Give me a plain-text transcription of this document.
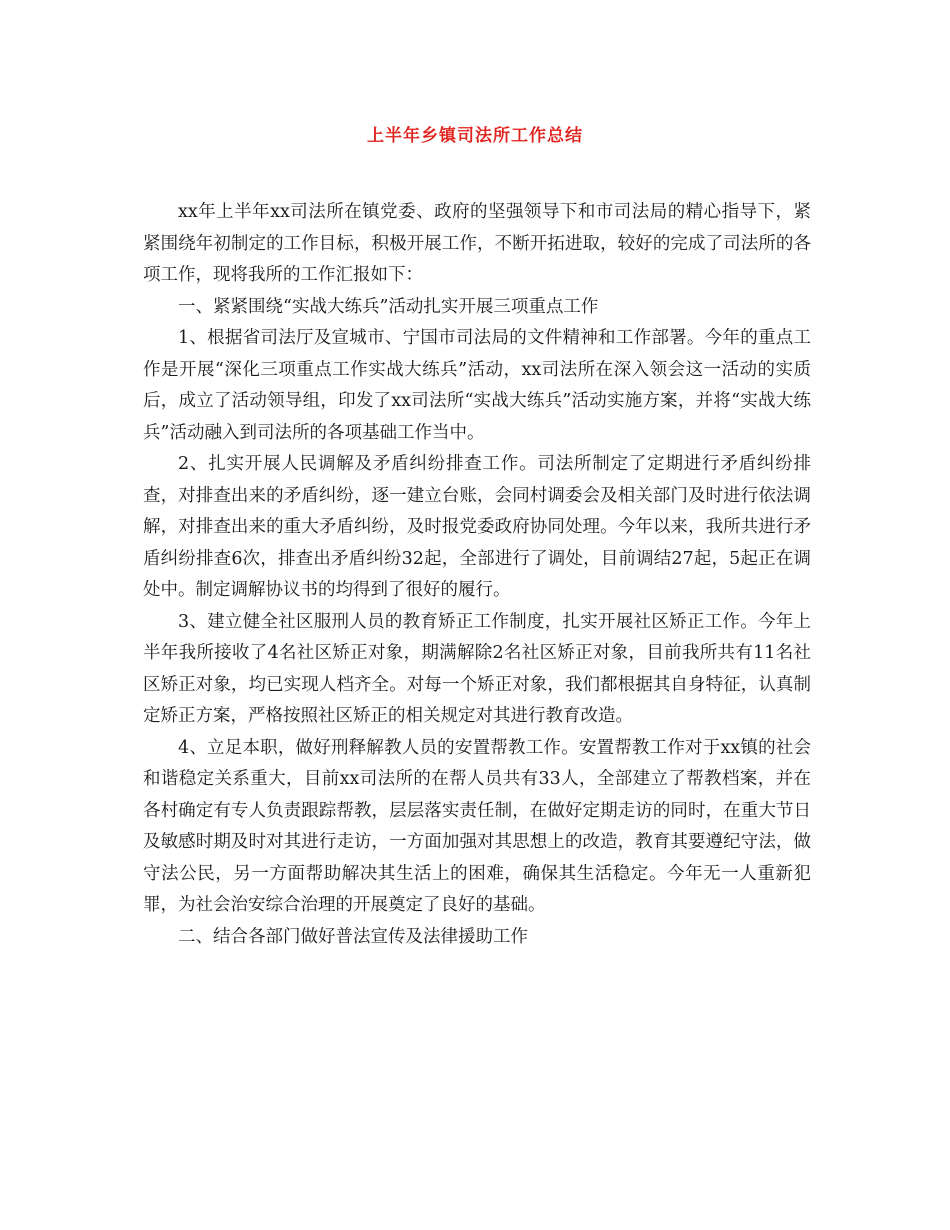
上半年乡镇司法所工作总结

xx年上半年xx司法所在镇党委、政府的坚强领导下和市司法局的精心指导下，紧紧围绕年初制定的工作目标，积极开展工作，不断开拓进取，较好的完成了司法所的各项工作，现将我所的工作汇报如下：

一、紧紧围绕“实战大练兵”活动扎实开展三项重点工作

1、根据省司法厅及宣城市、宁国市司法局的文件精神和工作部署。今年的重点工作是开展“深化三项重点工作实战大练兵”活动，xx司法所在深入领会这一活动的实质后，成立了活动领导组，印发了xx司法所“实战大练兵”活动实施方案，并将“实战大练兵”活动融入到司法所的各项基础工作当中。

2、扎实开展人民调解及矛盾纠纷排查工作。司法所制定了定期进行矛盾纠纷排查，对排查出来的矛盾纠纷，逐一建立台账，会同村调委会及相关部门及时进行依法调解，对排查出来的重大矛盾纠纷，及时报党委政府协同处理。今年以来，我所共进行矛盾纠纷排查6次，排查出矛盾纠纷32起，全部进行了调处，目前调结27起，5起正在调处中。制定调解协议书的均得到了很好的履行。

3、建立健全社区服刑人员的教育矫正工作制度，扎实开展社区矫正工作。今年上半年我所接收了4名社区矫正对象，期满解除2名社区矫正对象，目前我所共有11名社区矫正对象，均已实现人档齐全。对每一个矫正对象，我们都根据其自身特征，认真制定矫正方案，严格按照社区矫正的相关规定对其进行教育改造。

4、立足本职，做好刑释解教人员的安置帮教工作。安置帮教工作对于xx镇的社会和谐稳定关系重大，目前xx司法所的在帮人员共有33人，全部建立了帮教档案，并在各村确定有专人负责跟踪帮教，层层落实责任制，在做好定期走访的同时，在重大节日及敏感时期及时对其进行走访，一方面加强对其思想上的改造，教育其要遵纪守法，做守法公民，另一方面帮助解决其生活上的困难，确保其生活稳定。今年无一人重新犯罪，为社会治安综合治理的开展奠定了良好的基础。

二、结合各部门做好普法宣传及法律援助工作
